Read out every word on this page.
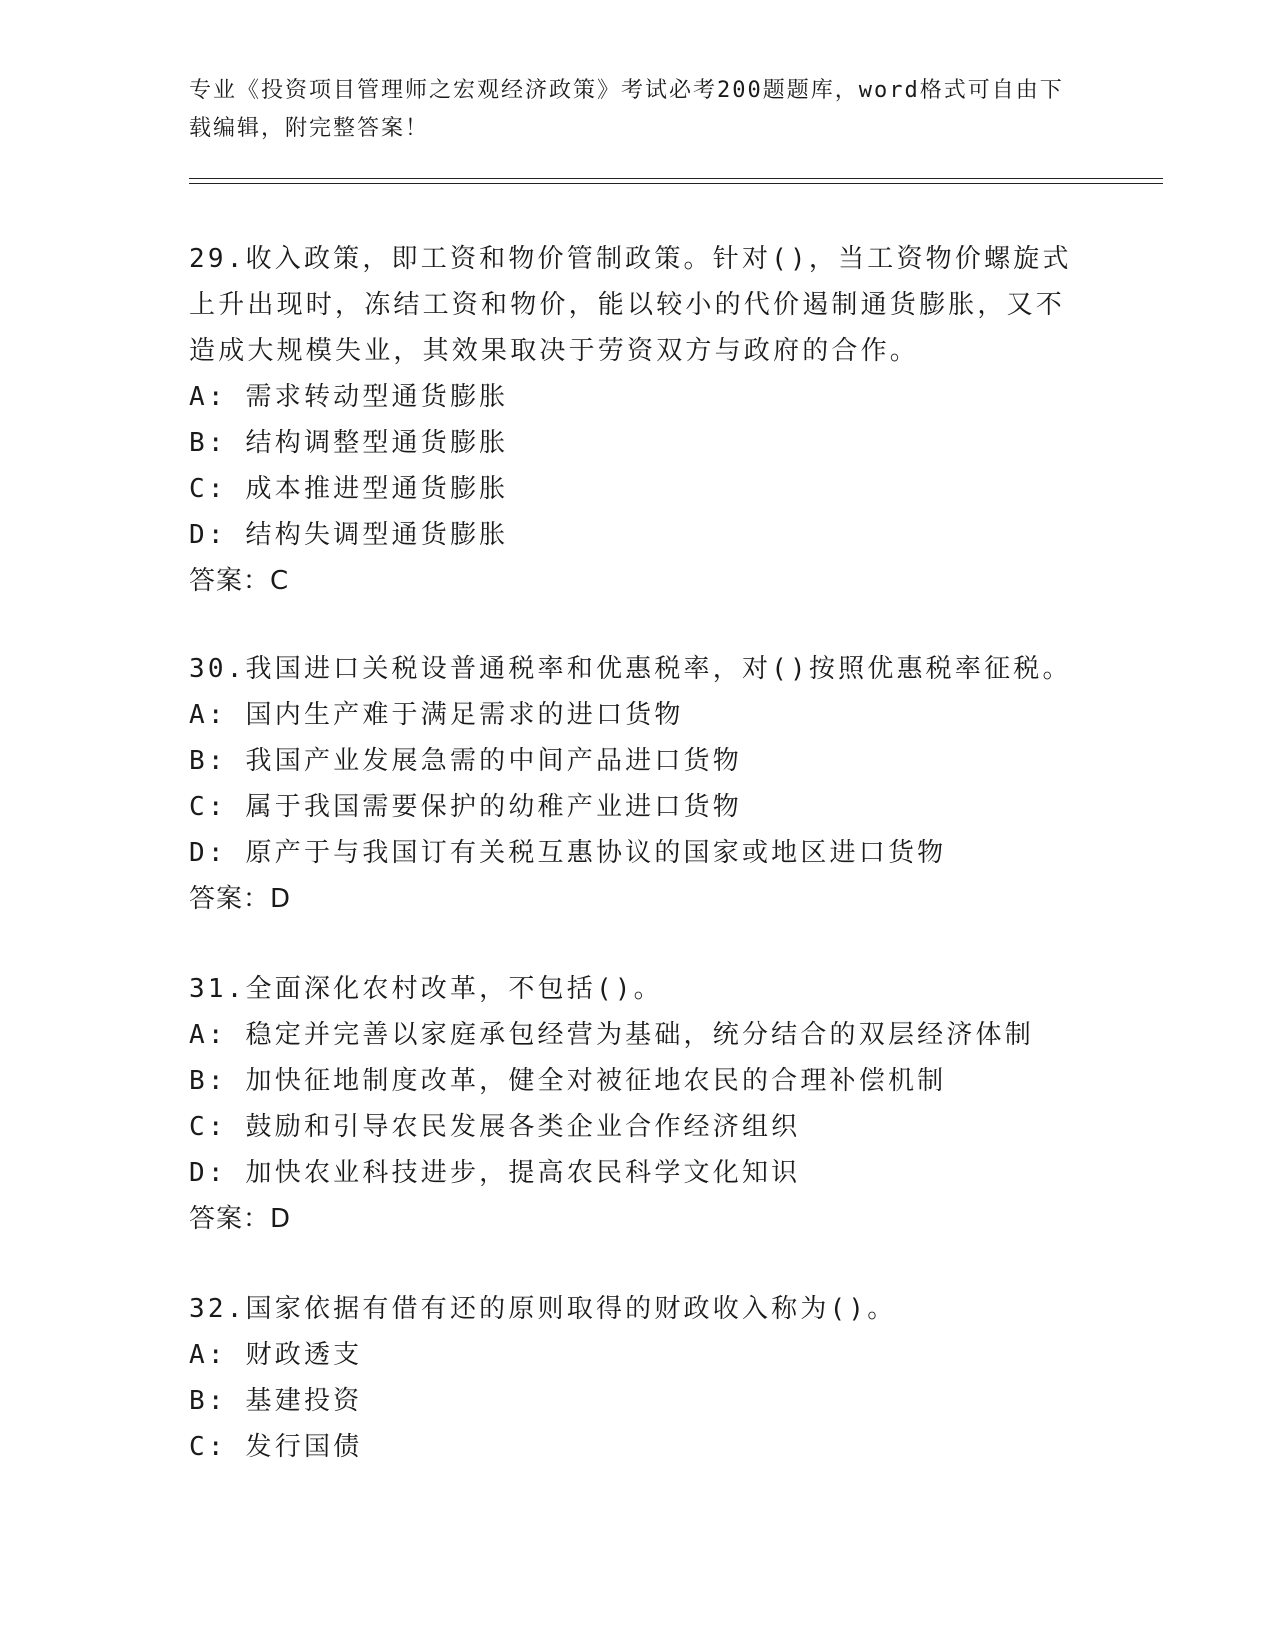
专业《投资项目管理师之宏观经济政策》考试必考200题题库，word格式可自由下载编辑，附完整答案！

29.收入政策，即工资和物价管制政策。针对()，当工资物价螺旋式上升出现时，冻结工资和物价，能以较小的代价遏制通货膨胀，又不造成大规模失业，其效果取决于劳资双方与政府的合作。

A: 需求转动型通货膨胀

B: 结构调整型通货膨胀

C: 成本推进型通货膨胀

D: 结构失调型通货膨胀

答案：C

30.我国进口关税设普通税率和优惠税率，对()按照优惠税率征税。

A: 国内生产难于满足需求的进口货物

B: 我国产业发展急需的中间产品进口货物

C: 属于我国需要保护的幼稚产业进口货物

D: 原产于与我国订有关税互惠协议的国家或地区进口货物

答案：D

31.全面深化农村改革，不包括()。

A: 稳定并完善以家庭承包经营为基础，统分结合的双层经济体制

B: 加快征地制度改革，健全对被征地农民的合理补偿机制

C: 鼓励和引导农民发展各类企业合作经济组织

D: 加快农业科技进步，提高农民科学文化知识

答案：D

32.国家依据有借有还的原则取得的财政收入称为()。

A: 财政透支

B: 基建投资

C: 发行国债
